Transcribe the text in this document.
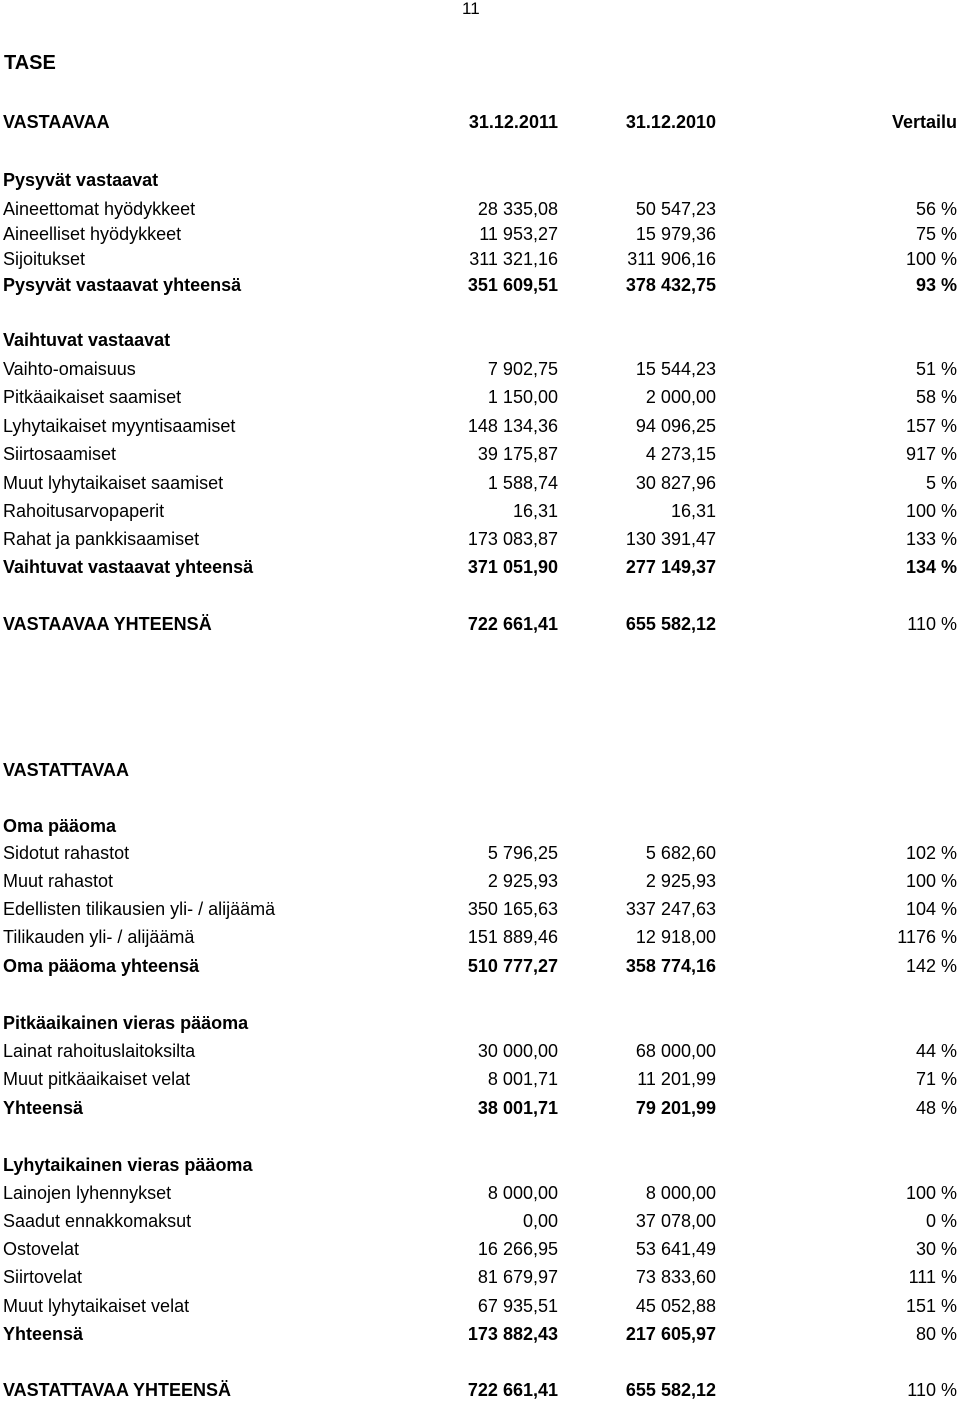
11
TASE
VASTAAVAA	31.12.2011	31.12.2010	Vertailu
Pysyvät vastaavat
Aineettomat hyödykkeet	28 335,08	50 547,23	56 %
Aineelliset hyödykkeet	11 953,27	15 979,36	75 %
Sijoitukset	311 321,16	311 906,16	100 %
Pysyvät vastaavat yhteensä	351 609,51	378 432,75	93 %
Vaihtuvat vastaavat
Vaihto-omaisuus	7 902,75	15 544,23	51 %
Pitkäaikaiset saamiset	1 150,00	2 000,00	58 %
Lyhytaikaiset myyntisaamiset	148 134,36	94 096,25	157 %
Siirtosaamiset	39 175,87	4 273,15	917 %
Muut lyhytaikaiset saamiset	1 588,74	30 827,96	5 %
Rahoitusarvopaperit	16,31	16,31	100 %
Rahat ja pankkisaamiset	173 083,87	130 391,47	133 %
Vaihtuvat vastaavat yhteensä	371 051,90	277 149,37	134 %
VASTAAVAA YHTEENSÄ	722 661,41	655 582,12	110 %
VASTATTAVAA
Oma pääoma
Sidotut rahastot	5 796,25	5 682,60	102 %
Muut rahastot	2 925,93	2 925,93	100 %
Edellisten tilikausien yli- / alijäämä	350 165,63	337 247,63	104 %
Tilikauden yli- / alijäämä	151 889,46	12 918,00	1176 %
Oma pääoma yhteensä	510 777,27	358 774,16	142 %
Pitkäaikainen vieras pääoma
Lainat rahoituslaitoksilta	30 000,00	68 000,00	44 %
Muut pitkäaikaiset velat	8 001,71	11 201,99	71 %
Yhteensä	38 001,71	79 201,99	48 %
Lyhytaikainen vieras pääoma
Lainojen lyhennykset	8 000,00	8 000,00	100 %
Saadut ennakkomaksut	0,00	37 078,00	0 %
Ostovelat	16 266,95	53 641,49	30 %
Siirtovelat	81 679,97	73 833,60	111 %
Muut lyhytaikaiset velat	67 935,51	45 052,88	151 %
Yhteensä	173 882,43	217 605,97	80 %
VASTATTAVAA YHTEENSÄ	722 661,41	655 582,12	110 %
